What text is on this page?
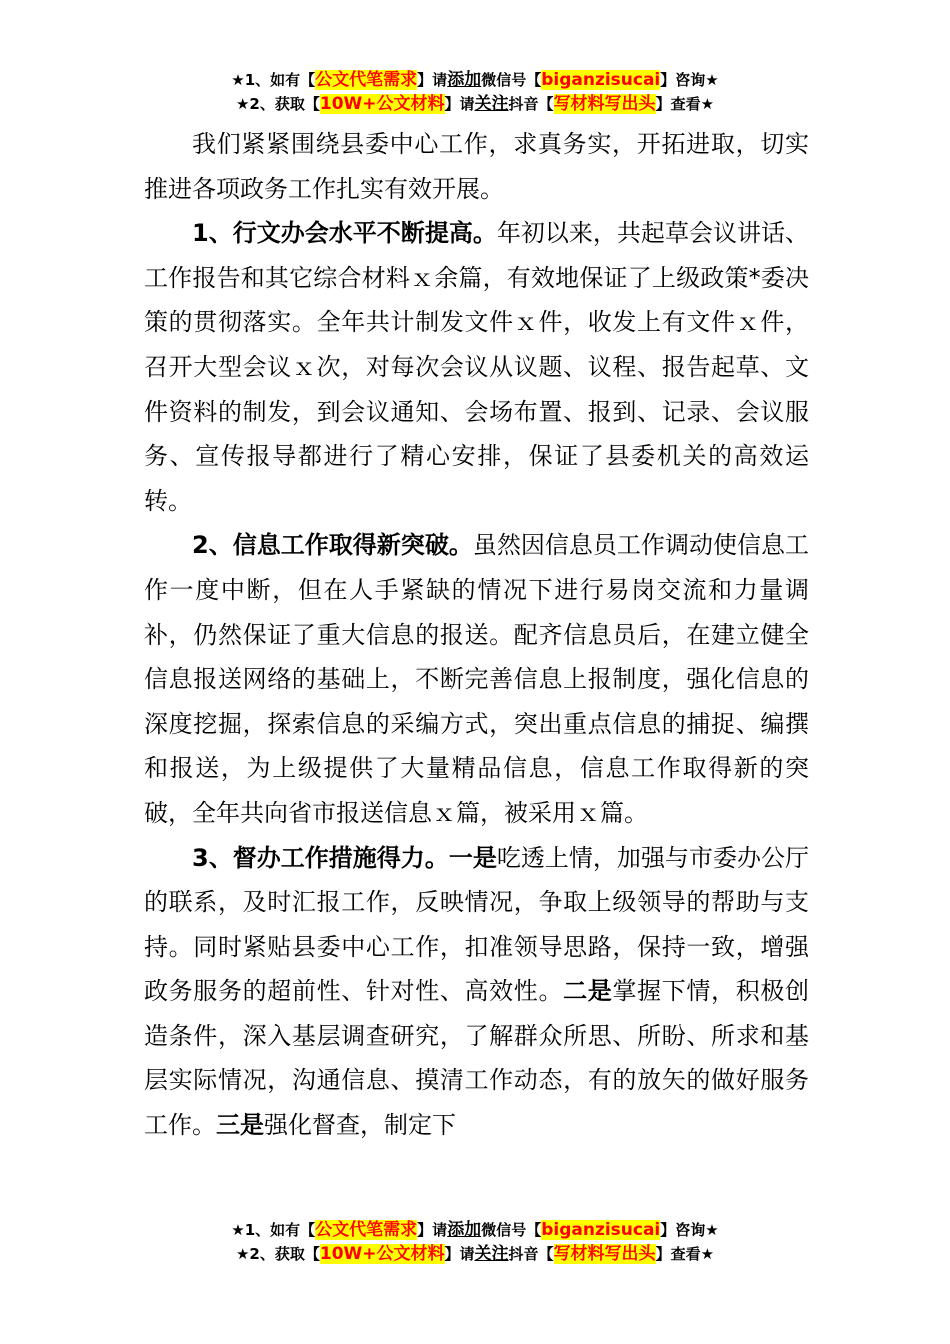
★1、如有【公文代笔需求】请添加微信号【biganzisucai】咨询★
★2、获取【10W+公文材料】请关注抖音【写材料写出头】查看★

我们紧紧围绕县委中心工作，求真务实，开拓进取，切实推进各项政务工作扎实有效开展。

1、行文办会水平不断提高。年初以来，共起草会议讲话、工作报告和其它综合材料ｘ余篇，有效地保证了上级政策*委决策的贯彻落实。全年共计制发文件ｘ件，收发上有文件ｘ件，召开大型会议ｘ次，对每次会议从议题、议程、报告起草、文件资料的制发，到会议通知、会场布置、报到、记录、会议服务、宣传报导都进行了精心安排，保证了县委机关的高效运转。

2、信息工作取得新突破。虽然因信息员工作调动使信息工作一度中断，但在人手紧缺的情况下进行易岗交流和力量调补，仍然保证了重大信息的报送。配齐信息员后，在建立健全信息报送网络的基础上，不断完善信息上报制度，强化信息的深度挖掘，探索信息的采编方式，突出重点信息的捕捉、编撰和报送，为上级提供了大量精品信息，信息工作取得新的突破，全年共向省市报送信息ｘ篇，被采用ｘ篇。

3、督办工作措施得力。一是吃透上情，加强与市委办公厅的联系，及时汇报工作，反映情况，争取上级领导的帮助与支持。同时紧贴县委中心工作，扣准领导思路，保持一致，增强政务服务的超前性、针对性、高效性。二是掌握下情，积极创造条件，深入基层调查研究，了解群众所思、所盼、所求和基层实际情况，沟通信息、摸清工作动态，有的放矢的做好服务工作。三是强化督查，制定下

★1、如有【公文代笔需求】请添加微信号【biganzisucai】咨询★
★2、获取【10W+公文材料】请关注抖音【写材料写出头】查看★
